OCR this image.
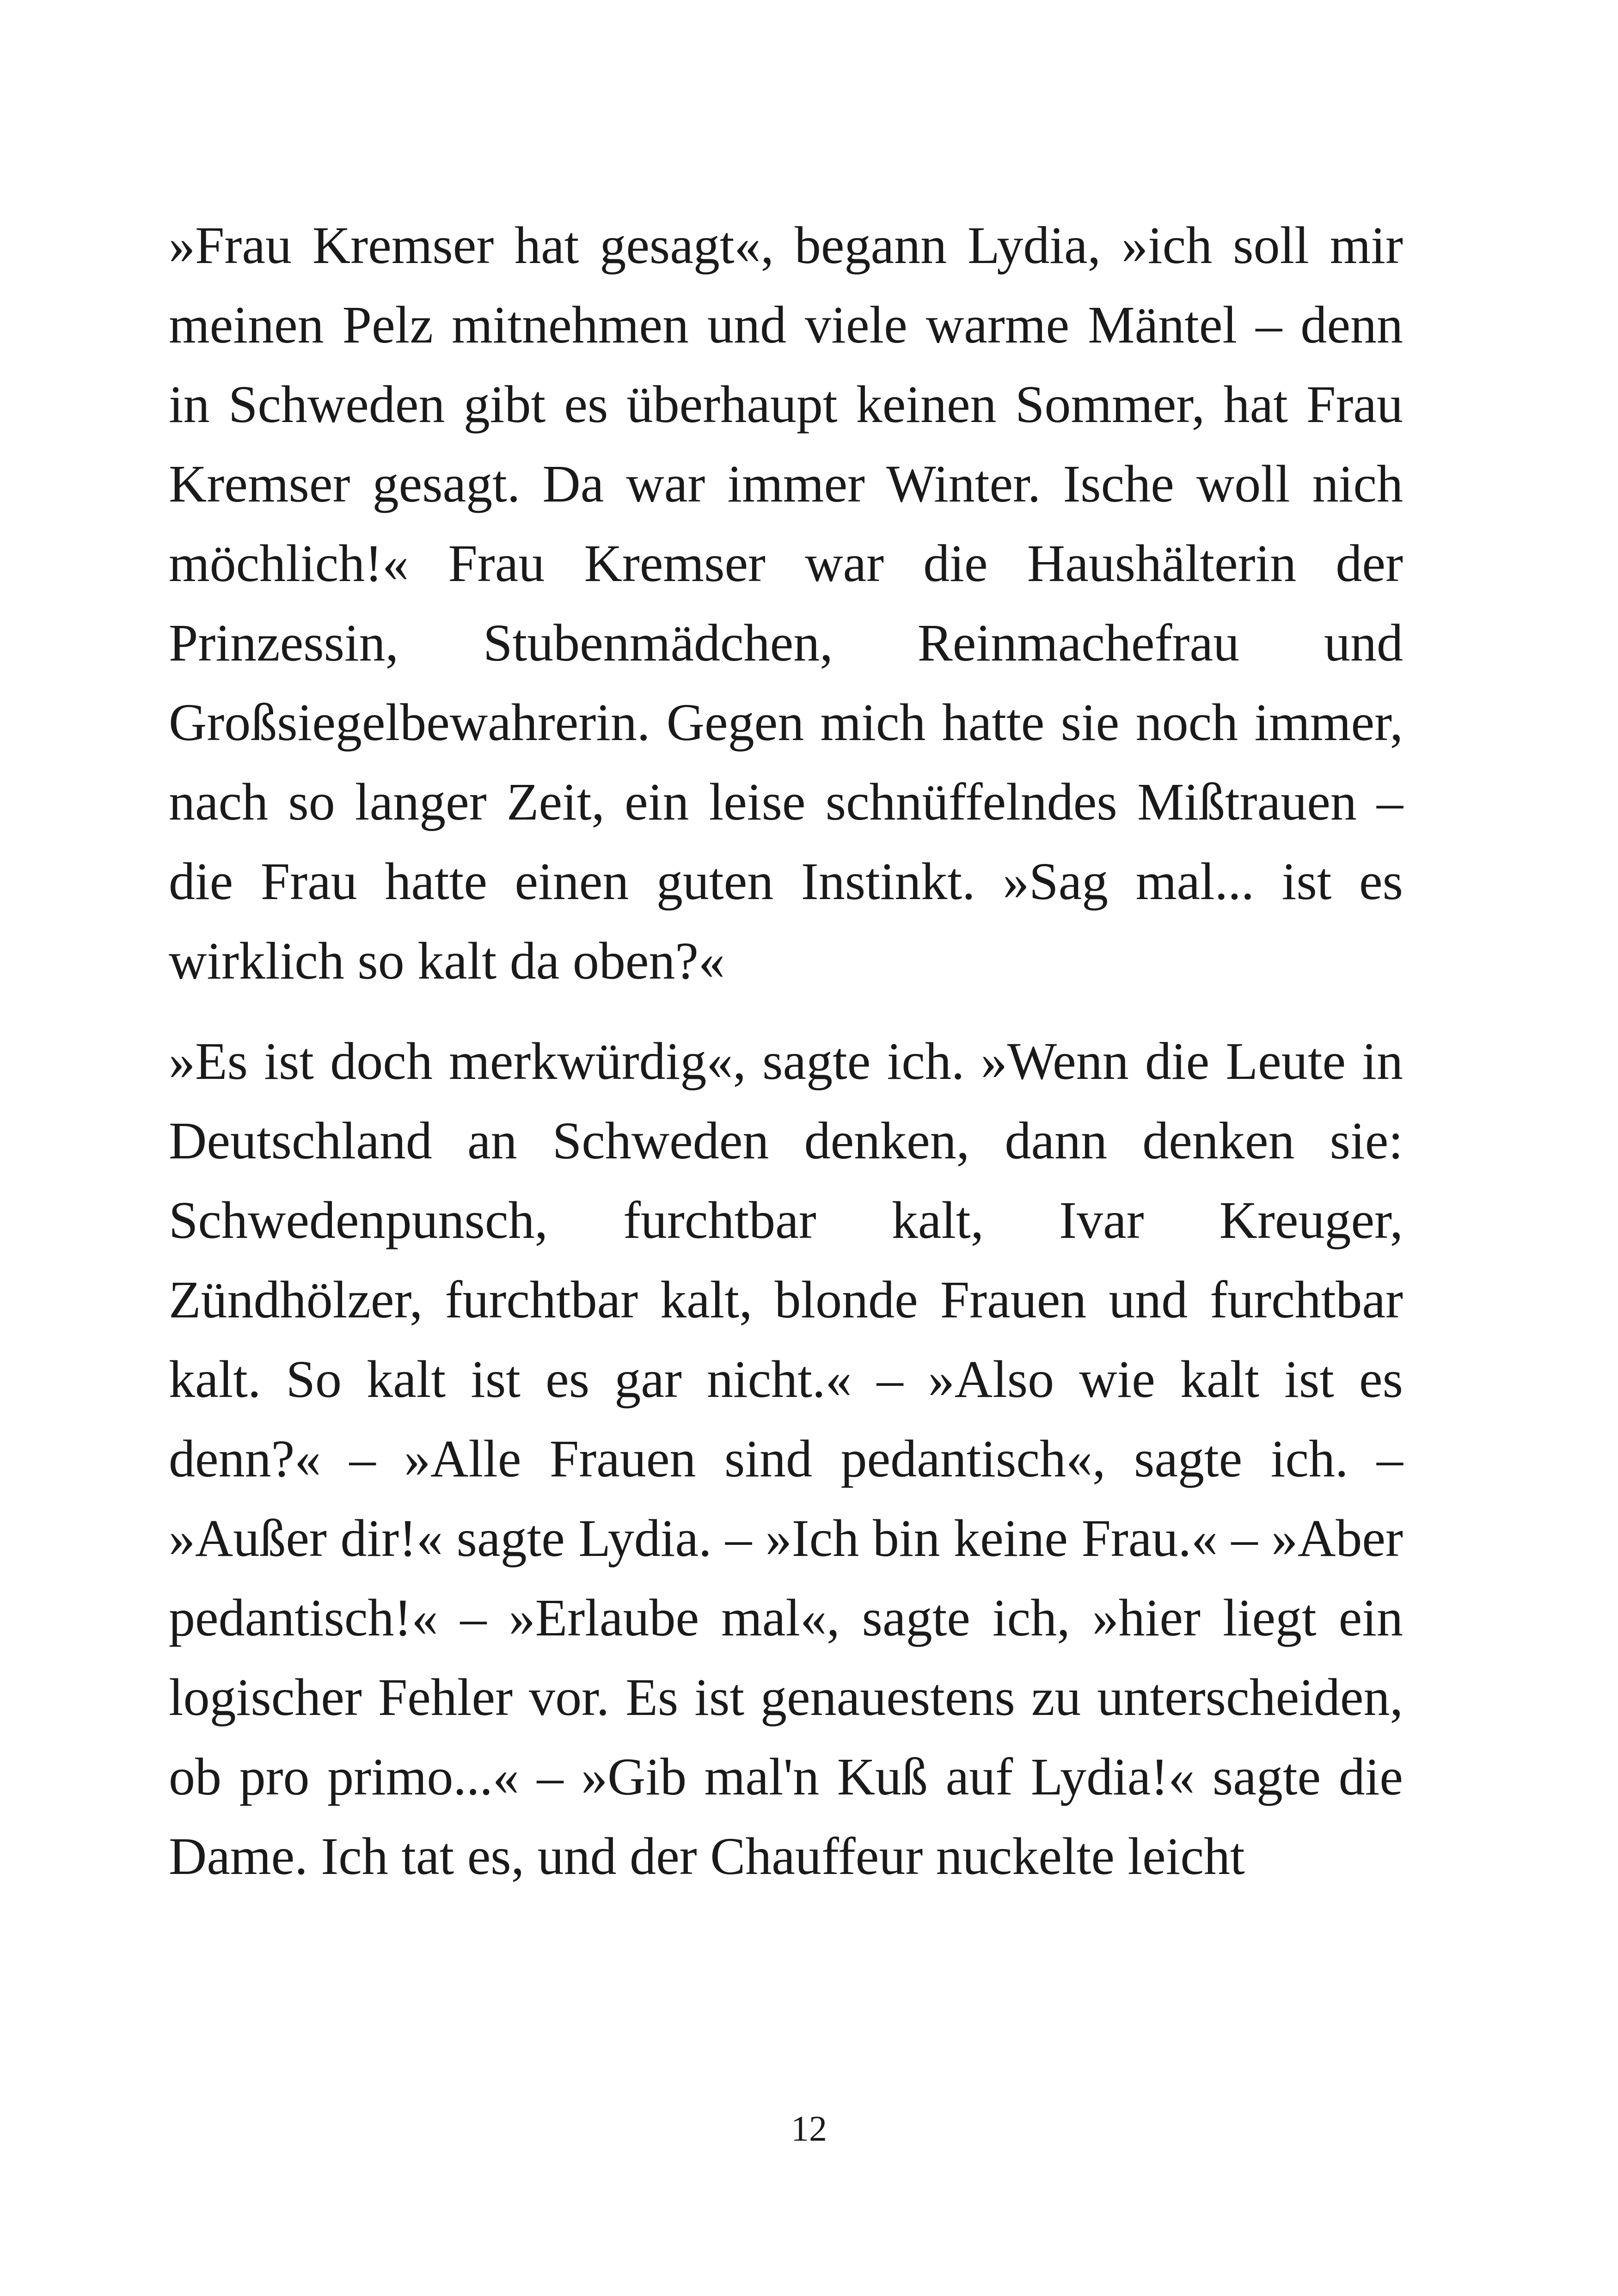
»Frau Kremser hat gesagt«, begann Lydia, »ich soll mir meinen Pelz mitnehmen und viele warme Mäntel – denn in Schweden gibt es überhaupt keinen Sommer, hat Frau Kremser gesagt. Da war immer Winter. Ische woll nich möchlich!« Frau Kremser war die Haushälterin der Prinzessin, Stubenmädchen, Reinmachefrau und Großsiegelbewahrerin. Gegen mich hatte sie noch immer, nach so langer Zeit, ein leise schnüffelndes Mißtrauen – die Frau hatte einen guten Instinkt. »Sag mal... ist es wirklich so kalt da oben?«

»Es ist doch merkwürdig«, sagte ich. »Wenn die Leute in Deutschland an Schweden denken, dann denken sie: Schwedenpunsch, furchtbar kalt, Ivar Kreuger, Zündhölzer, furchtbar kalt, blonde Frauen und furchtbar kalt. So kalt ist es gar nicht.« – »Also wie kalt ist es denn?« – »Alle Frauen sind pedantisch«, sagte ich. – »Außer dir!« sagte Lydia. – »Ich bin keine Frau.« – »Aber pedantisch!« – »Erlaube mal«, sagte ich, »hier liegt ein logischer Fehler vor. Es ist genauestens zu unterscheiden, ob pro primo...« – »Gib mal'n Kuß auf Lydia!« sagte die Dame. Ich tat es, und der Chauffeur nuckelte leicht

12
